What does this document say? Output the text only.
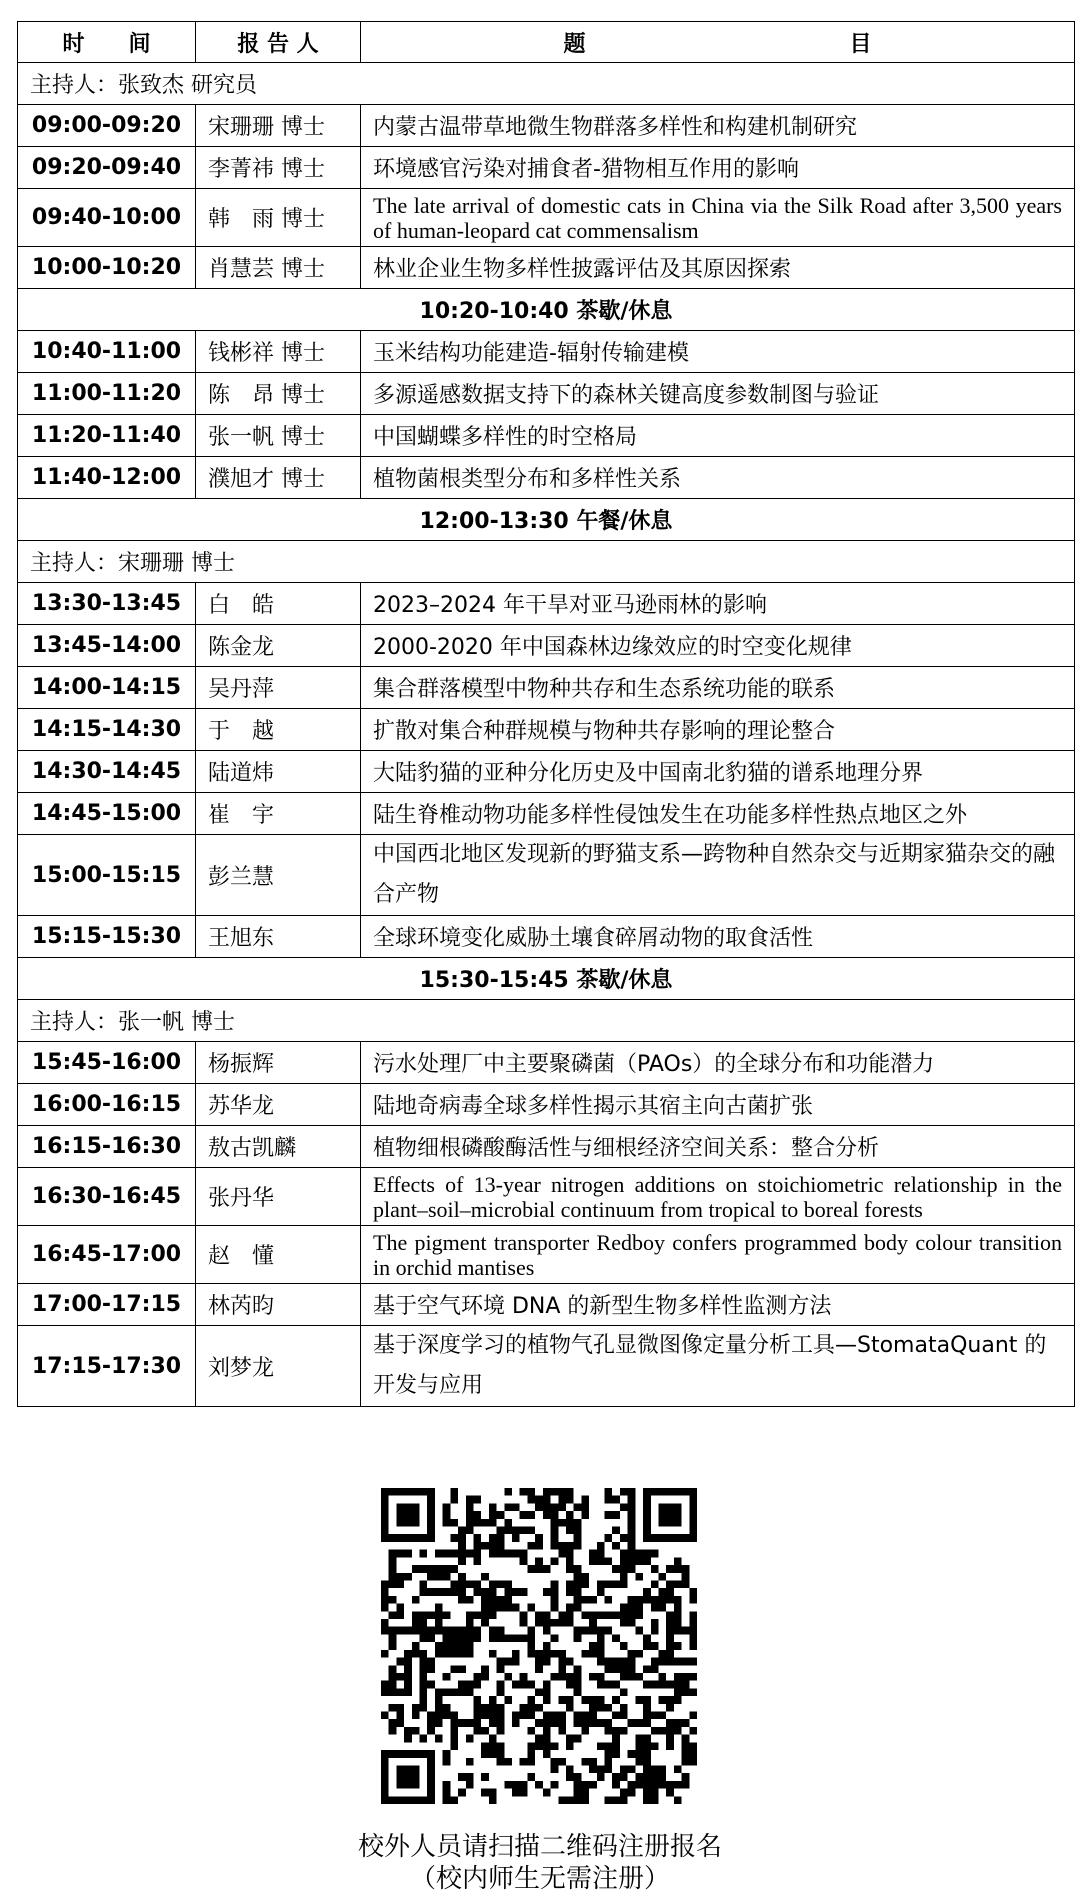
时　　间	报 告 人	题　　　　　　　　　　　　目
主持人：张致杰 研究员		
09:00-09:20	宋珊珊 博士	内蒙古温带草地微生物群落多样性和构建机制研究
09:20-09:40	李菁祎 博士	环境感官污染对捕食者-猎物相互作用的影响
09:40-10:00	韩　雨 博士	The late arrival of domestic cats in China via the Silk Road after 3,500 years of human-leopard cat commensalism
10:00-10:20	肖慧芸 博士	林业企业生物多样性披露评估及其原因探索
10:20-10:40 茶歇/休息		
10:40-11:00	钱彬祥 博士	玉米结构功能建造-辐射传输建模
11:00-11:20	陈　昂 博士	多源遥感数据支持下的森林关键高度参数制图与验证
11:20-11:40	张一帆 博士	中国蝴蝶多样性的时空格局
11:40-12:00	濮旭才 博士	植物菌根类型分布和多样性关系
12:00-13:30 午餐/休息		
主持人：宋珊珊 博士		
13:30-13:45	白　皓	2023–2024 年干旱对亚马逊雨林的影响
13:45-14:00	陈金龙	2000-2020 年中国森林边缘效应的时空变化规律
14:00-14:15	吴丹萍	集合群落模型中物种共存和生态系统功能的联系
14:15-14:30	于　越	扩散对集合种群规模与物种共存影响的理论整合
14:30-14:45	陆道炜	大陆豹猫的亚种分化历史及中国南北豹猫的谱系地理分界
14:45-15:00	崔　宇	陆生脊椎动物功能多样性侵蚀发生在功能多样性热点地区之外
15:00-15:15	彭兰慧	中国西北地区发现新的野猫支系—跨物种自然杂交与近期家猫杂交的融合产物
15:15-15:30	王旭东	全球环境变化威胁土壤食碎屑动物的取食活性
15:30-15:45 茶歇/休息		
主持人：张一帆 博士		
15:45-16:00	杨振辉	污水处理厂中主要聚磷菌（PAOs）的全球分布和功能潜力
16:00-16:15	苏华龙	陆地奇病毒全球多样性揭示其宿主向古菌扩张
16:15-16:30	敖古凯麟	植物细根磷酸酶活性与细根经济空间关系：整合分析
16:30-16:45	张丹华	Effects of 13-year nitrogen additions on stoichiometric relationship in the plant–soil–microbial continuum from tropical to boreal forests
16:45-17:00	赵　懂	The pigment transporter Redboy confers programmed body colour transition in orchid mantises
17:00-17:15	林芮昀	基于空气环境 DNA 的新型生物多样性监测方法
17:15-17:30	刘梦龙	基于深度学习的植物气孔显微图像定量分析工具—StomataQuant 的开发与应用
校外人员请扫描二维码注册报名
（校内师生无需注册）
